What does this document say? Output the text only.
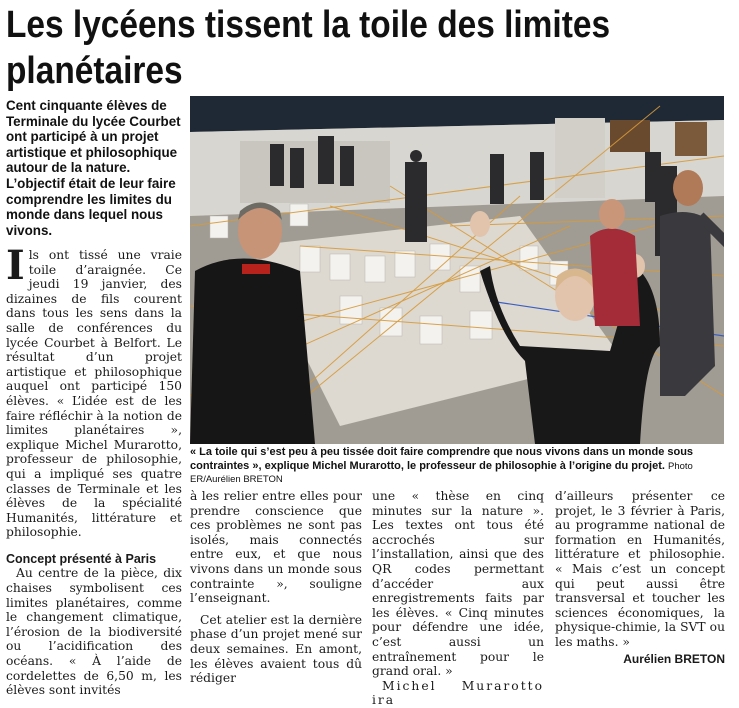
Les lycéens tissent la toile des limites planétaires

Cent cinquante élèves de Terminale du lycée Courbet ont participé à un projet artistique et philosophique autour de la nature. L’objectif était de leur faire comprendre les limites du monde dans lequel nous vivons.

« La toile qui s’est peu à peu tissée doit faire comprendre que nous vivons dans un monde sous contraintes », explique Michel Murarotto, le professeur de philosophie à l’origine du projet. Photo ER/Aurélien BRETON

Ils ont tissé une vraie toile d’araignée. Ce jeudi 19 janvier, des dizaines de fils courent dans tous les sens dans la salle de conférences du lycée Courbet à Belfort. Le résultat d’un projet artistique et philosophique auquel ont participé 150 élèves. « L’idée est de les faire réfléchir à la notion de limites planétaires », explique Michel Murarotto, professeur de philosophie, qui a impliqué ses quatre classes de Terminale et les élèves de la spécialité Humanités, littérature et philosophie.

Concept présenté à Paris

Au centre de la pièce, dix chaises symbolisent ces limites planétaires, comme le changement climatique, l’érosion de la biodiversité ou l’acidification des océans. « À l’aide de cordelettes de 6,50 m, les élèves sont invités

à les relier entre elles pour prendre conscience que ces problèmes ne sont pas isolés, mais connectés entre eux, et que nous vivons dans un monde sous contrainte », souligne l’enseignant.

Cet atelier est la dernière phase d’un projet mené sur deux semaines. En amont, les élèves avaient tous dû rédiger

une « thèse en cinq minutes sur la nature ». Les textes ont tous été accrochés sur l’installation, ainsi que des QR codes permettant d’accéder aux enregistrements faits par les élèves. « Cinq minutes pour défendre une idée, c’est aussi un entraînement pour le grand oral. »

Michel Murarotto ira

d’ailleurs présenter ce projet, le 3 février à Paris, au programme national de formation en Humanités, littérature et philosophie. « Mais c’est un concept qui peut aussi être transversal et toucher les sciences économiques, la physique-chimie, la SVT ou les maths. »

Aurélien BRETON
